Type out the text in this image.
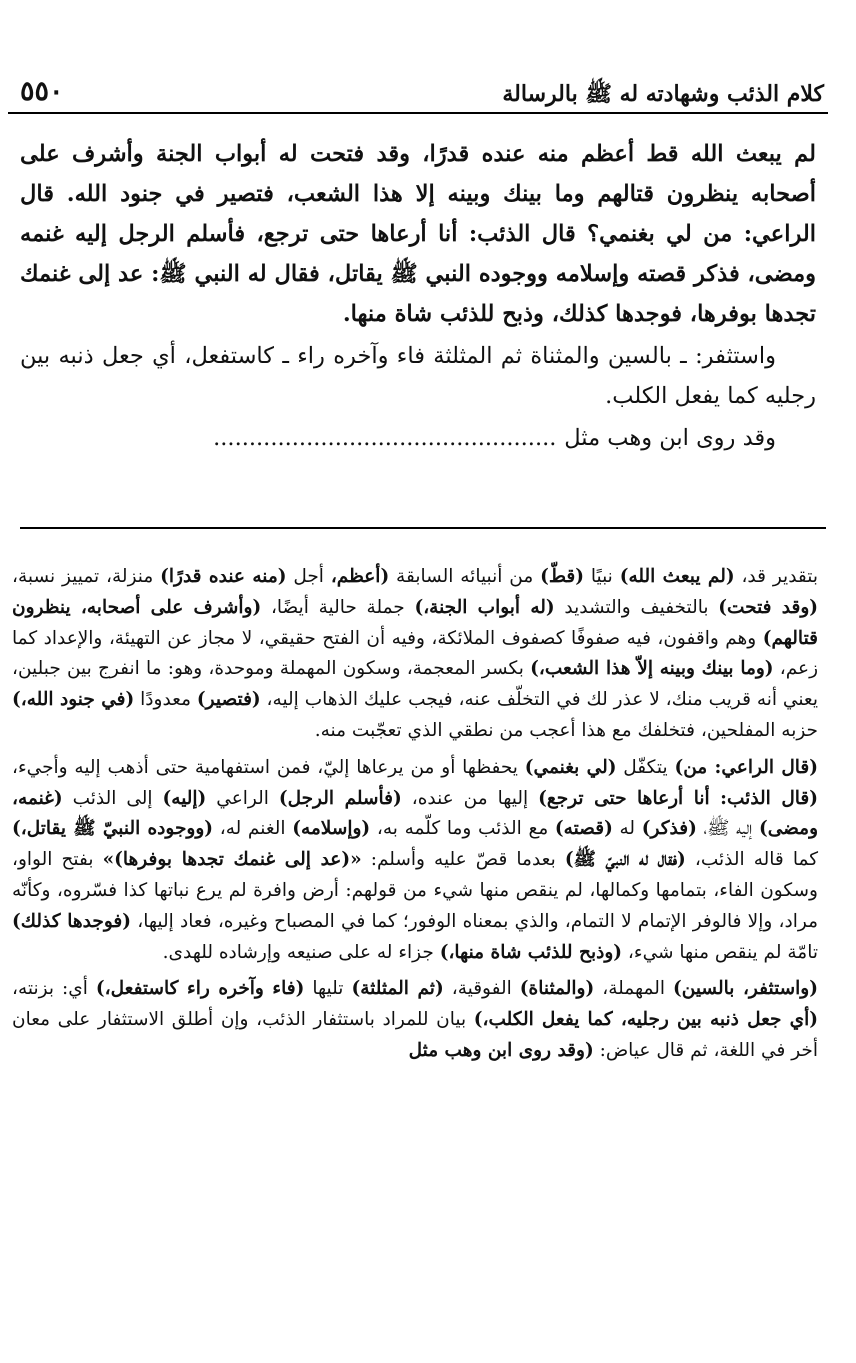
٥٥٠	كلام الذئب وشهادته له ﷺ بالرسالة

لم يبعث الله قط أعظم منه عنده قدرًا، وقد فتحت له أبواب الجنة وأشرف على أصحابه ينظرون قتالهم وما بينك وبينه إلا هذا الشعب، فتصير في جنود الله. قال الراعي: من لي بغنمي؟ قال الذئب: أنا أرعاها حتى ترجع، فأسلم الرجل إليه غنمه ومضى، فذكر قصته وإسلامه ووجوده النبي ﷺ يقاتل، فقال له النبي ﷺ: عد إلى غنمك تجدها بوفرها، فوجدها كذلك، وذبح للذئب شاة منها.

واستثفر: ـ بالسين والمثناة ثم المثلثة فاء وآخره راء ـ كاستفعل، أي جعل ذنبه بين رجليه كما يفعل الكلب.

وقد روى ابن وهب مثل ................................................

بتقدير قد، (لم يبعث الله) نبيًا (قطّ) من أنبيائه السابقة (أعظم، أجل (منه عنده قدرًا) منزلة، تمييز نسبة، (وقد فتحت) بالتخفيف والتشديد (له أبواب الجنة،) جملة حالية أيضًا، (وأشرف على أصحابه، ينظرون قتالهم) وهم واقفون، فيه صفوفًا كصفوف الملائكة، وفيه أن الفتح حقيقي، لا مجاز عن التهيئة، والإعداد كما زعم، (وما بينك وبينه إلاّ هذا الشعب،) بكسر المعجمة، وسكون المهملة وموحدة، وهو: ما انفرج بين جبلين، يعني أنه قريب منك، لا عذر لك في التخلّف عنه، فيجب عليك الذهاب إليه، (فتصير) معدودًا (في جنود الله،) حزبه المفلحين، فتخلفك مع هذا أعجب من نطقي الذي تعجّبت منه.

(قال الراعي: من) يتكفّل (لي بغنمي) يحفظها أو من يرعاها إليّ، فمن استفهامية حتى أذهب إليه وأجيء، (قال الذئب: أنا أرعاها حتى ترجع) إليها من عنده، (فأسلم الرجل) الراعي (إليه) إلى الذئب (غنمه، ومضى) إليه ﷺ، (فذكر) له (قصته) مع الذئب وما كلّمه به، (وإسلامه) الغنم له، (ووجوده النبيّ ﷺ يقاتل،) كما قاله الذئب، (فقال له النبيّ ﷺ) بعدما قصّ عليه وأسلم: «(عد إلى غنمك تجدها بوفرها)» بفتح الواو، وسكون الفاء، بتمامها وكمالها، لم ينقص منها شيء من قولهم: أرض وافرة لم يرع نباتها كذا فسّروه، وكأنّه مراد، وإلا فالوفر الإتمام لا التمام، والذي بمعناه الوفور؛ كما في المصباح وغيره، فعاد إليها، (فوجدها كذلك) تامّة لم ينقص منها شيء، (وذبح للذئب شاة منها،) جزاء له على صنيعه وإرشاده للهدى.

(واستثفر، بالسين) المهملة، (والمثناة) الفوقية، (ثم المثلثة) تليها (فاء وآخره راء كاستفعل،) أي: بزنته، (أي جعل ذنبه بين رجليه، كما يفعل الكلب،) بيان للمراد باستثفار الذئب، وإن أطلق الاستثفار على معان أخر في اللغة، ثم قال عياض: (وقد روى ابن وهب مثل
